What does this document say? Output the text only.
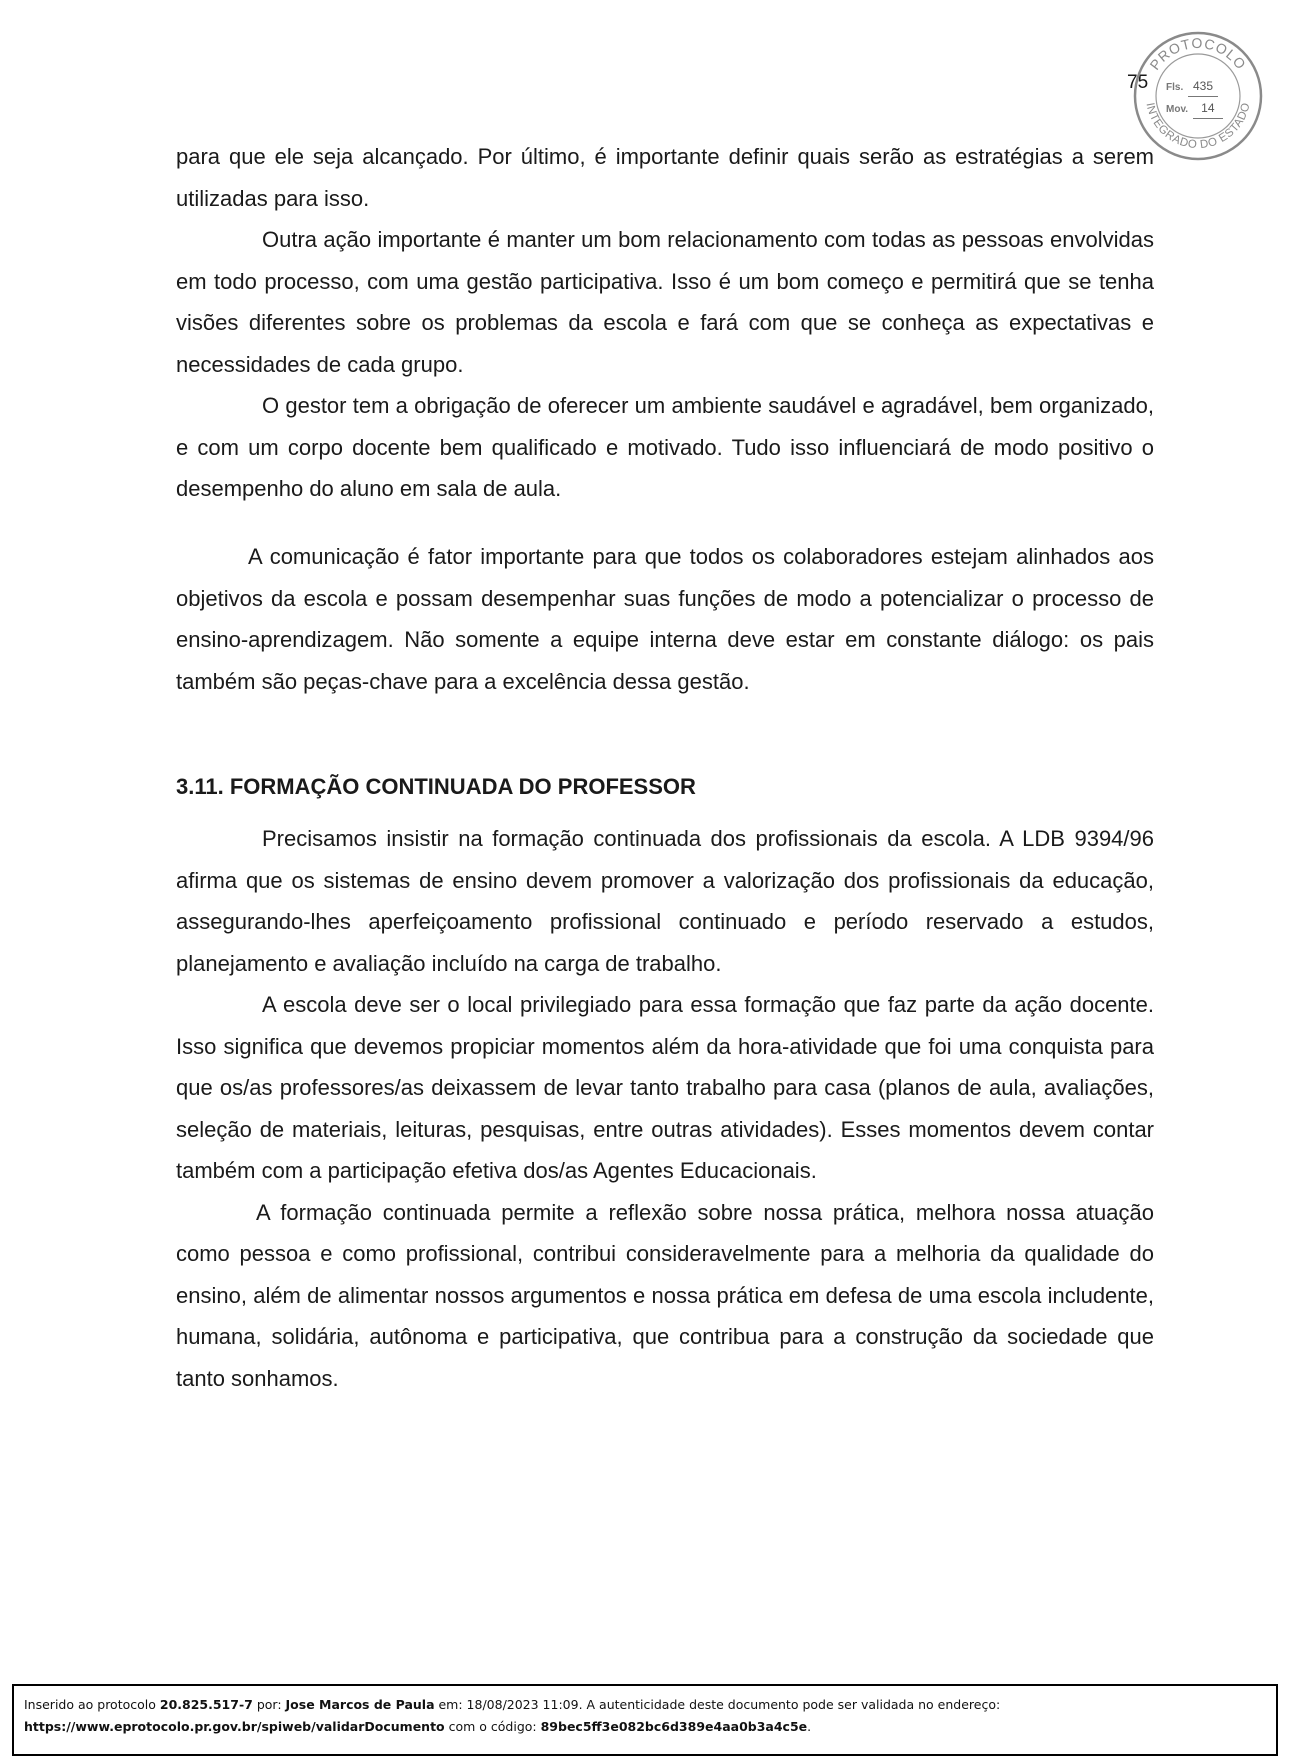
75
PROTOCOLO
INTEGRADO DO ESTADO
Fls. 435
Mov. 14

para que ele seja alcançado. Por último, é importante definir quais serão as estratégias a serem utilizadas para isso.

Outra ação importante é manter um bom relacionamento com todas as pessoas envolvidas em todo processo, com uma gestão participativa. Isso é um bom começo e permitirá que se tenha visões diferentes sobre os problemas da escola e fará com que se conheça as expectativas e necessidades de cada grupo.

O gestor tem a obrigação de oferecer um ambiente saudável e agradável, bem organizado, e com um corpo docente bem qualificado e motivado. Tudo isso influenciará de modo positivo o desempenho do aluno em sala de aula.

A comunicação é fator importante para que todos os colaboradores estejam alinhados aos objetivos da escola e possam desempenhar suas funções de modo a potencializar o processo de ensino-aprendizagem. Não somente a equipe interna deve estar em constante diálogo: os pais também são peças-chave para a excelência dessa gestão.

3.11. FORMAÇÃO CONTINUADA DO PROFESSOR

Precisamos insistir na formação continuada dos profissionais da escola. A LDB 9394/96 afirma que os sistemas de ensino devem promover a valorização dos profissionais da educação, assegurando-lhes aperfeiçoamento profissional continuado e período reservado a estudos, planejamento e avaliação incluído na carga de trabalho.

A escola deve ser o local privilegiado para essa formação que faz parte da ação docente. Isso significa que devemos propiciar momentos além da hora-atividade que foi uma conquista para que os/as professores/as deixassem de levar tanto trabalho para casa (planos de aula, avaliações, seleção de materiais, leituras, pesquisas, entre outras atividades). Esses momentos devem contar também com a participação efetiva dos/as Agentes Educacionais.

A formação continuada permite a reflexão sobre nossa prática, melhora nossa atuação como pessoa e como profissional, contribui consideravelmente para a melhoria da qualidade do ensino, além de alimentar nossos argumentos e nossa prática em defesa de uma escola includente, humana, solidária, autônoma e participativa, que contribua para a construção da sociedade que tanto sonhamos.

Inserido ao protocolo 20.825.517-7 por: Jose Marcos de Paula em: 18/08/2023 11:09. A autenticidade deste documento pode ser validada no endereço:
https://www.eprotocolo.pr.gov.br/spiweb/validarDocumento com o código: 89bec5ff3e082bc6d389e4aa0b3a4c5e.
